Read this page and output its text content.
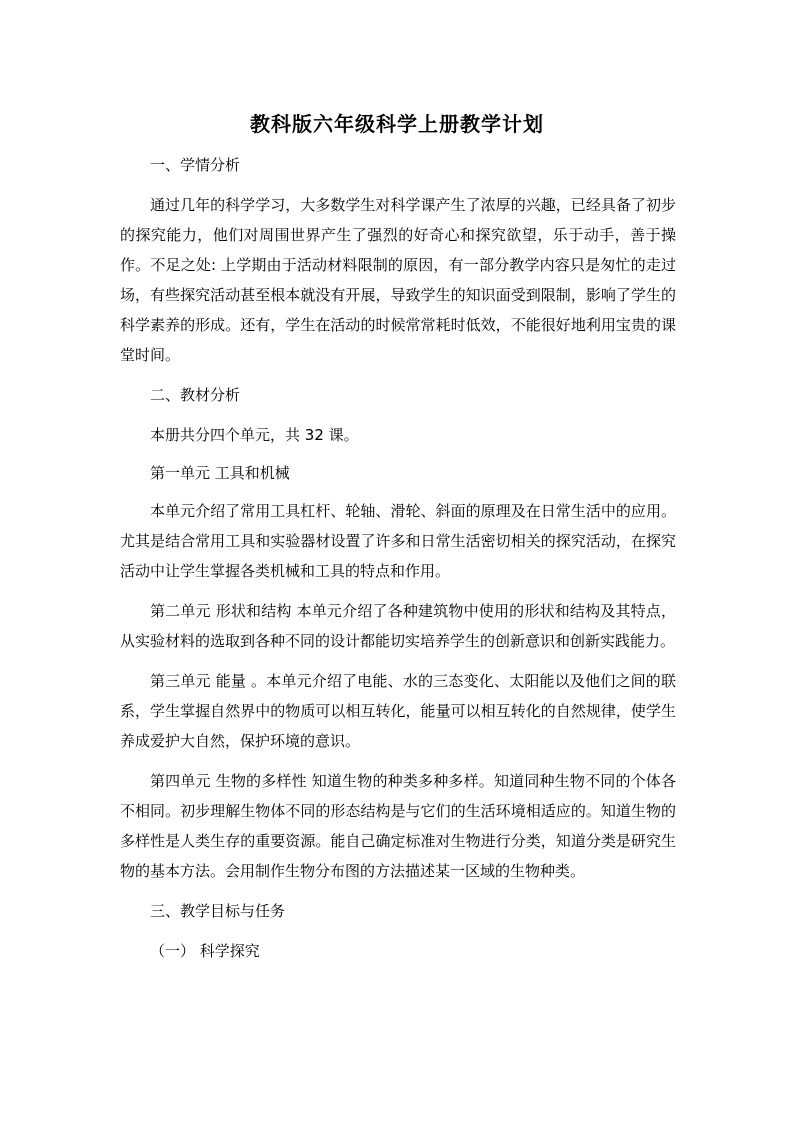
教科版六年级科学上册教学计划

一、学情分析

通过几年的科学学习，大多数学生对科学课产生了浓厚的兴趣，已经具备了初步的探究能力，他们对周围世界产生了强烈的好奇心和探究欲望，乐于动手，善于操作。不足之处: 上学期由于活动材料限制的原因，有一部分教学内容只是匆忙的走过场，有些探究活动甚至根本就没有开展，导致学生的知识面受到限制，影响了学生的科学素养的形成。还有，学生在活动的时候常常耗时低效，不能很好地利用宝贵的课堂时间。

二、教材分析

本册共分四个单元，共 32 课。

第一单元 工具和机械

本单元介绍了常用工具杠杆、轮轴、滑轮、斜面的原理及在日常生活中的应用。尤其是结合常用工具和实验器材设置了许多和日常生活密切相关的探究活动，在探究活动中让学生掌握各类机械和工具的特点和作用。

第二单元 形状和结构 本单元介绍了各种建筑物中使用的形状和结构及其特点，从实验材料的选取到各种不同的设计都能切实培养学生的创新意识和创新实践能力。

第三单元 能量 。本单元介绍了电能、水的三态变化、太阳能以及他们之间的联系，学生掌握自然界中的物质可以相互转化，能量可以相互转化的自然规律，使学生养成爱护大自然，保护环境的意识。

第四单元 生物的多样性 知道生物的种类多种多样。知道同种生物不同的个体各不相同。初步理解生物体不同的形态结构是与它们的生活环境相适应的。知道生物的多样性是人类生存的重要资源。能自己确定标准对生物进行分类，知道分类是研究生物的基本方法。会用制作生物分布图的方法描述某一区域的生物种类。

三、教学目标与任务

（一） 科学探究
